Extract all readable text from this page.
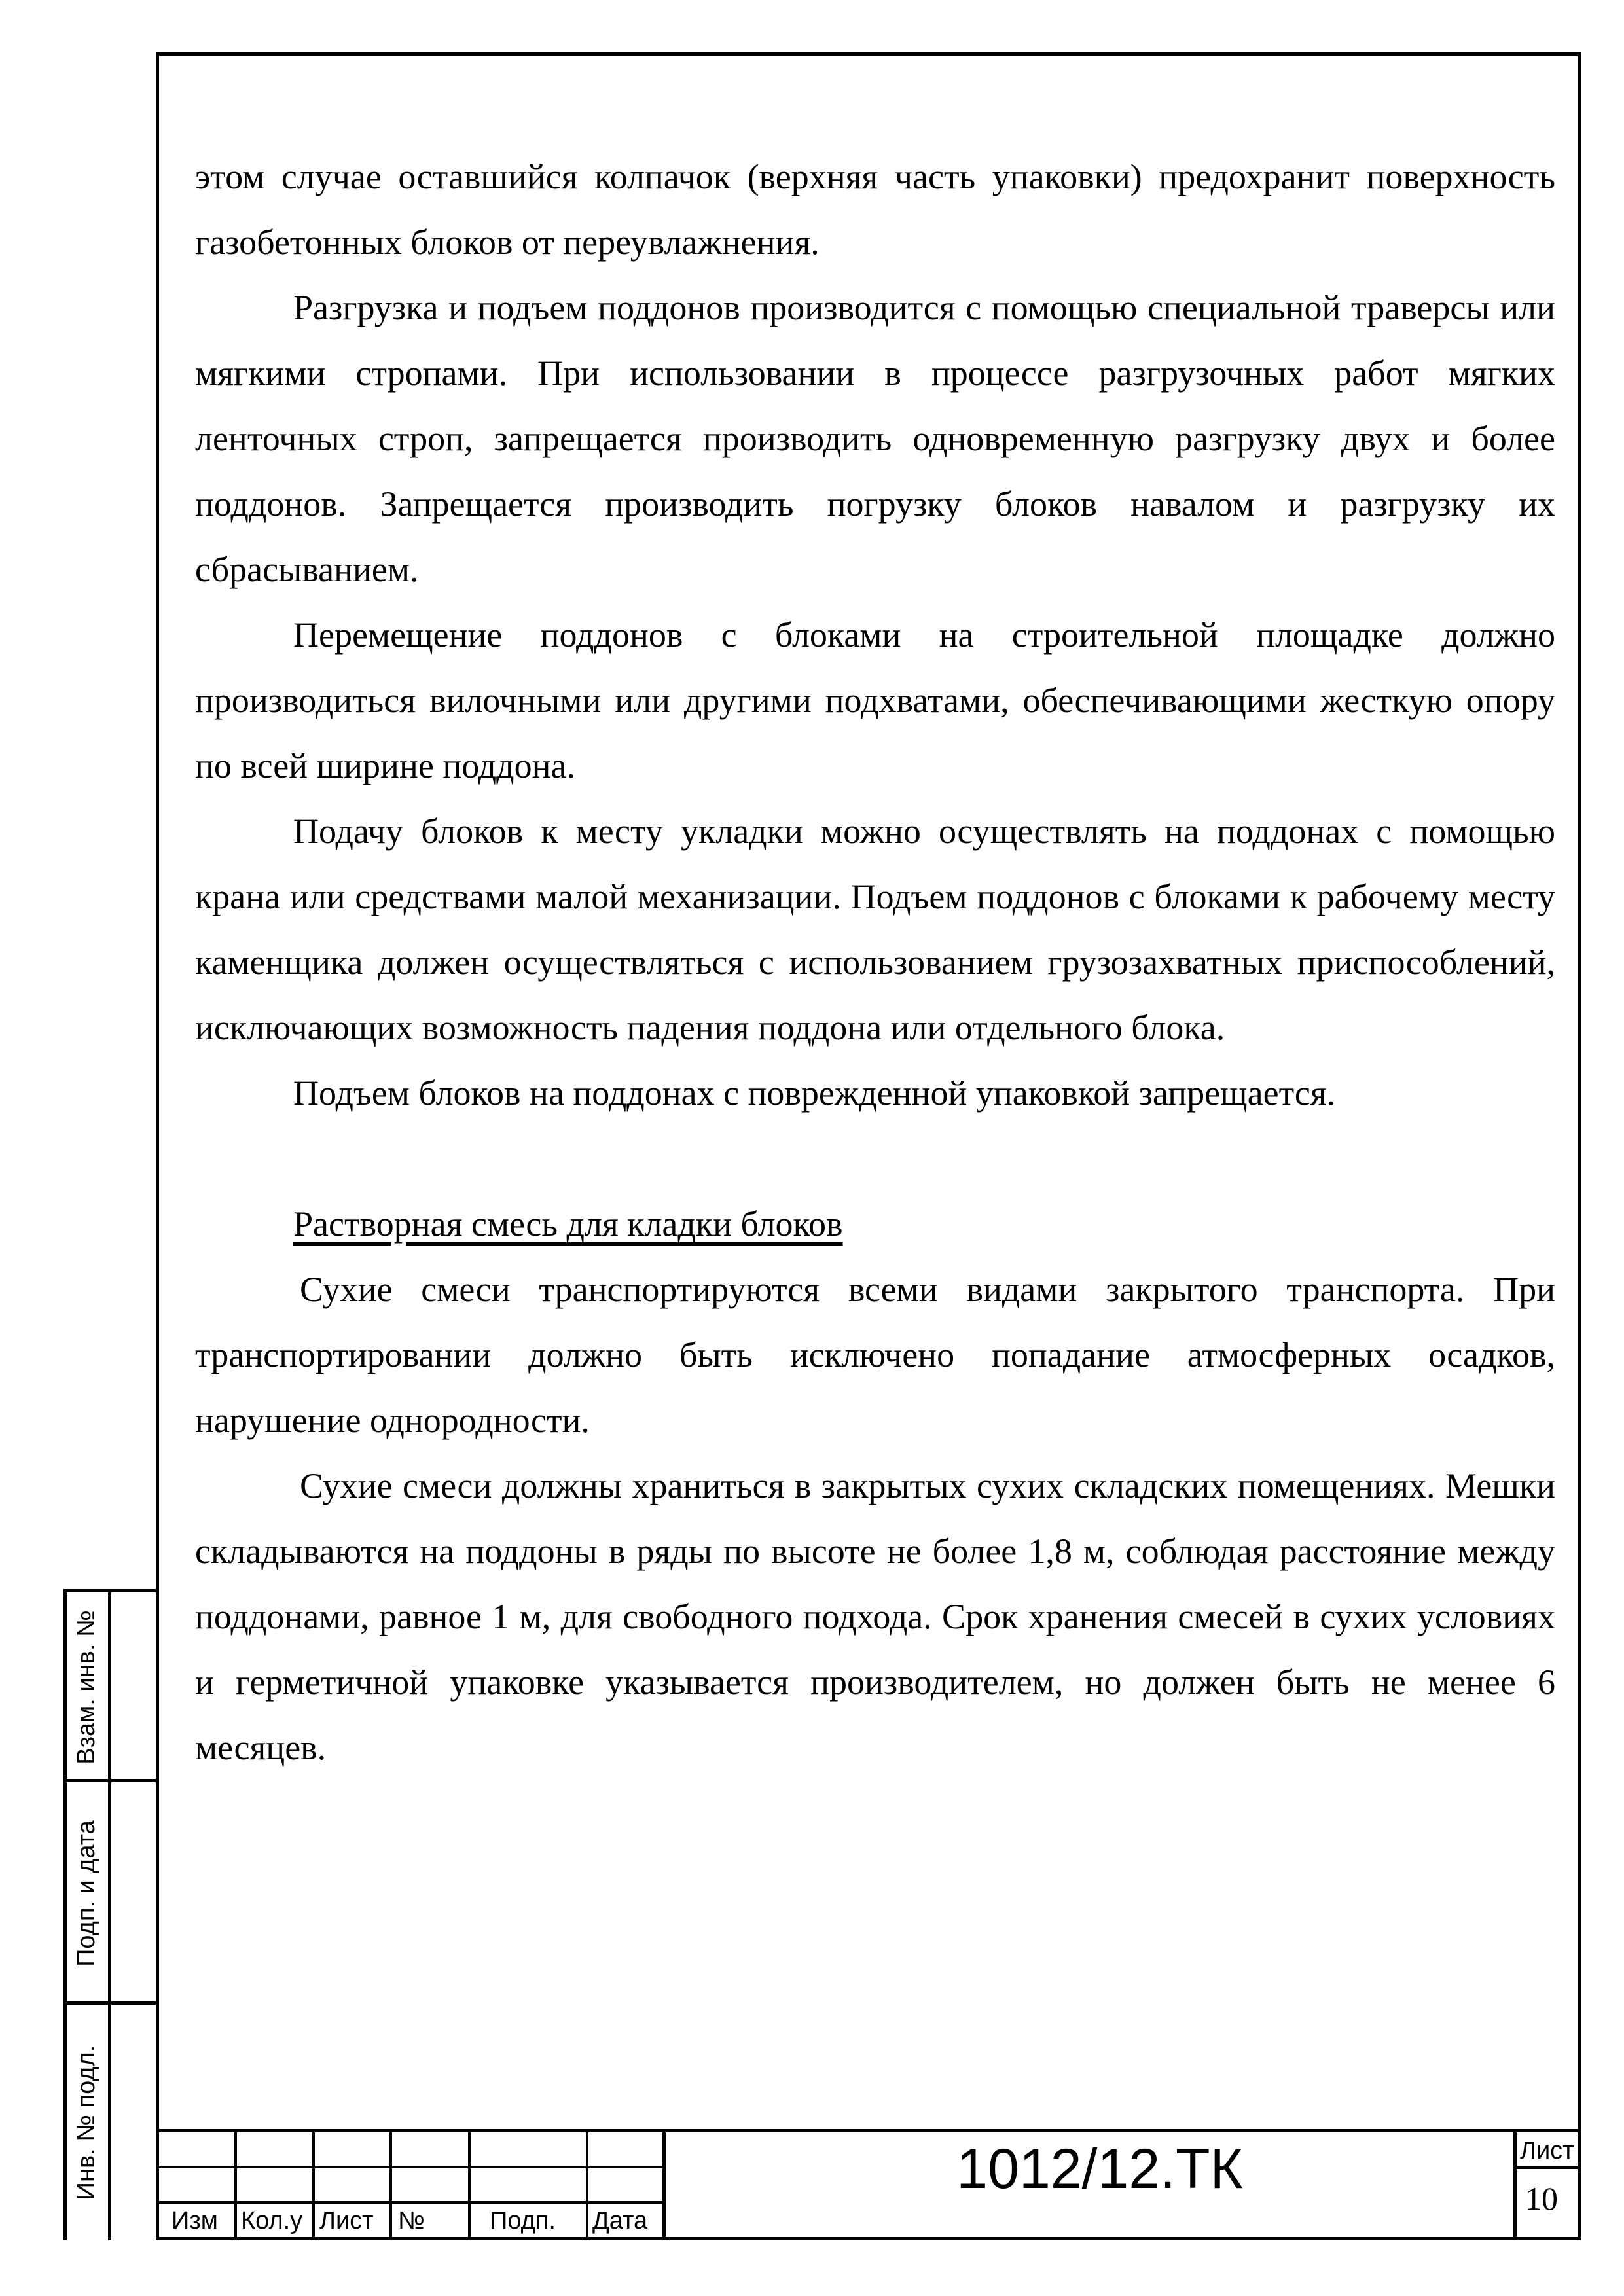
этом случае оставшийся колпачок (верхняя часть упаковки) предохранит поверхность газобетонных блоков от переувлажнения.

Разгрузка и подъем поддонов производится с помощью специальной траверсы или мягкими стропами. При использовании в процессе разгрузочных работ мягких ленточных строп, запрещается производить одновременную разгрузку двух и более поддонов. Запрещается производить погрузку блоков навалом и разгрузку их сбрасыванием.

Перемещение поддонов с блоками на строительной площадке должно производиться вилочными или другими подхватами, обеспечивающими жесткую опору по всей ширине поддона.

Подачу блоков к месту укладки можно осуществлять на поддонах с помощью крана или средствами малой механизации. Подъем поддонов с блоками к рабочему месту каменщика должен осуществляться с использованием грузозахватных приспособлений, исключающих возможность падения поддона или отдельного блока.

Подъем блоков на поддонах с поврежденной упаковкой запрещается.

Растворная смесь для кладки блоков

Сухие смеси транспортируются всеми видами закрытого транспорта. При транспортировании должно быть исключено попадание атмосферных осадков, нарушение однородности.

Сухие смеси должны храниться в закрытых сухих складских помещениях. Мешки складываются на поддоны в ряды по высоте не более 1,8 м, соблюдая расстояние между поддонами, равное 1 м, для свободного подхода. Срок хранения смесей в сухих условиях и герметичной упаковке указывается производителем, но должен быть не менее 6 месяцев.

Взам. инв. №
Подп. и дата
Инв. № подл.
Изм Кол.у Лист №	Подп. Дата
1012/12.ТК	Лист
10
